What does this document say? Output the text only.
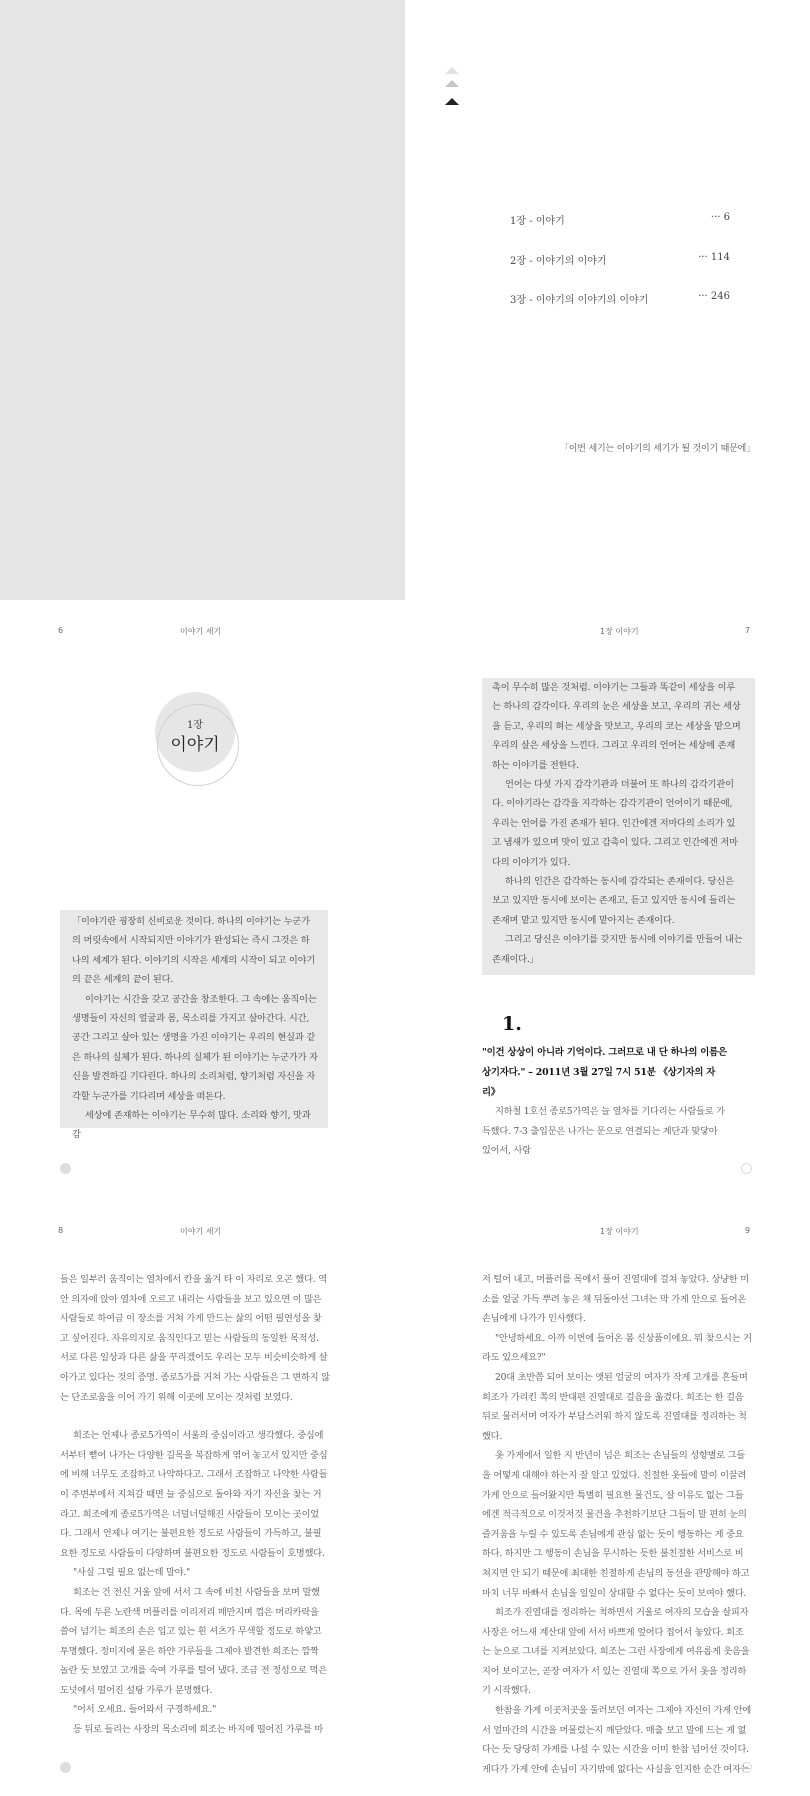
1장 - 이야기	··· 6
2장 - 이야기의 이야기	··· 114
3장 - 이야기의 이야기의 이야기	··· 246
「이번 세기는 이야기의 세기가 될 것이기 때문에」
6	이야기 세기	1장 이야기	7
1장
이야기

「이야기란 굉장히 신비로운 것이다. 하나의 이야기는 누군가의 머릿속에서 시작되지만 이야기가 완성되는 즉시 그것은 하나의 세계가 된다. 이야기의 시작은 세계의 시작이 되고 이야기의 끝은 세계의 끝이 된다.

이야기는 시간을 갖고 공간을 창조한다. 그 속에는 움직이는 생명들이 자신의 얼굴과 몸, 목소리를 가지고 살아간다. 시간, 공간 그리고 살아 있는 생명을 가진 이야기는 우리의 현실과 같은 하나의 실체가 된다. 하나의 실체가 된 이야기는 누군가가 자신을 발견하길 기다린다. 하나의 소리처럼, 향기처럼 자신을 자각할 누군가를 기다리며 세상을 떠돈다.

세상에 존재하는 이야기는 무수히 많다. 소리와 향기, 맛과 감

촉이 무수히 많은 것처럼. 이야기는 그들과 똑같이 세상을 이루는 하나의 감각이다. 우리의 눈은 세상을 보고, 우리의 귀는 세상을 듣고, 우리의 혀는 세상을 맛보고, 우리의 코는 세상을 맡으며 우리의 살은 세상을 느낀다. 그리고 우리의 언어는 세상에 존재하는 이야기를 전한다.

언어는 다섯 가지 감각기관과 더불어 또 하나의 감각기관이다. 이야기라는 감각을 지각하는 감각기관이 언어이기 때문에, 우리는 언어를 가진 존재가 된다. 인간에겐 저마다의 소리가 있고 냄새가 있으며 맛이 있고 감촉이 있다. 그리고 인간에겐 저마다의 이야기가 있다.

하나의 인간은 감각하는 동시에 감각되는 존재이다. 당신은 보고 있지만 동시에 보이는 존재고, 듣고 있지만 동시에 들리는 존재며 맡고 있지만 동시에 맡아지는 존재이다.

그리고 당신은 이야기를 갖지만 동시에 이야기를 만들어 내는 존재이다.」

1.
"이건 상상이 아니라 기억이다. 그러므로 내 단 하나의 이름은 상기자다." – 2011년 3월 27일 7시 51분 《상기자의 자리》

지하철 1호선 종로5가역은 늘 열차를 기다리는 사람들로 가득했다. 7-3 출입문은 나가는 문으로 연결되는 계단과 맞닿아 있어서, 사람

8	이야기 세기	1장 이야기	9

들은 일부러 움직이는 열차에서 칸을 옮겨 타 이 자리로 오곤 했다. 역 안 의자에 앉아 열차에 오르고 내리는 사람들을 보고 있으면 이 많은 사람들로 하여금 이 장소를 거쳐 가게 만드는 삶의 어떤 필연성을 찾고 싶어진다. 자유의지로 움직인다고 믿는 사람들의 동일한 목적성. 서로 다른 일상과 다른 삶을 꾸리겠어도 우리는 모두 비슷비슷하게 살아가고 있다는 것의 증명. 종로5가를 거쳐 가는 사람들은 그 변하지 않는 단조로움을 이어 가기 위해 이곳에 모이는 것처럼 보였다.

희조는 언제나 종로5가역이 서울의 중심이라고 생각했다. 중심에서부터 뻗어 나가는 다양한 길목을 복잡하게 엮어 놓고서 있지만 중심에 비해 너무도 조잡하고 나약하다고. 그래서 조잡하고 나약한 사람들이 주변부에서 지쳐갈 때면 늘 중심으로 돌아와 자기 자신을 찾는 거라고. 희조에게 종로5가역은 너덜너덜해진 사람들이 모이는 곳이었다. 그래서 언제나 여기는 불편요한 정도로 사람들이 가득하고, 불필요한 정도로 사람들이 다양하며 불편요한 정도로 사람들이 호명했다.

"사실 그럴 필요 없는데 말야."

희조는 건 전신 거울 앞에 서서 그 속에 비친 사람들을 보며 말했다. 목에 두른 노란색 머플러를 이리저리 매만지며 껍은 머리카락을 쓸어 넘기는 희조의 손은 입고 있는 흰 셔츠가 무색할 정도로 하얗고 투명했다. 정미지에 묻은 하얀 가루들을 그제야 발견한 희조는 깜짝 놀란 듯 보였고 고개를 숙여 가루를 털어 냈다. 조금 전 정성으로 먹은 도넛에서 떨어진 설탕 가루가 분명했다.

"어서 오세요. 들어와서 구경하세요."

등 뒤로 들리는 사장의 목소리에 희조는 바지에 떨어진 가루를 마

저 털어 내고, 머플러를 목에서 풀어 진열대에 걸쳐 놓았다. 상냥한 미소를 얼굴 가득 뿌려 놓은 채 뒤돌아선 그녀는 막 가게 안으로 들어온 손님에게 나가가 인사했다.

"안녕하세요. 아까 이번에 들어온 봄 신상품이에요. 뭐 찾으시는 거라도 있으세요?"

20대 초반쯤 되어 보이는 앳된 얼굴의 여자가 작게 고개를 흔들며 희조가 가리킨 쪽의 반대편 진열대로 걸음을 옮겼다. 희조는 한 걸음 뒤로 물러서며 여자가 부담스러워 하지 않도록 진열대를 정리하는 척했다.

옷 가게에서 일한 지 반년이 넘은 희조는 손님들의 성향별로 그들을 어떻게 대해야 하는지 잘 알고 있었다. 친절한 옷들에 말이 이끌려 가게 안으로 들어왔지만 특별히 필요한 물건도, 살 이유도 없는 그들에겐 적극적으로 이것저것 물건을 추천하기보단 그들이 말 편히 눈의 즐거움을 누릴 수 있도록 손님에게 관심 없는 듯이 행동하는 게 중요하다. 하지만 그 행동이 손님을 무시하는 듯한 불친절한 서비스로 비쳐지면 안 되기 때문에 최대한 친절하게 손님의 동선을 관망해야 하고 마치 너무 바빠서 손님을 일일이 상대할 수 없다는 듯이 보여야 했다.

희조가 진열대를 정리하는 척하면서 거울로 여자의 모습을 살피자 사장은 어느새 계산대 앞에 서서 바쁘게 엎어다 접어서 놓았다. 희조는 눈으로 그녀를 지켜보았다. 희조는 그런 사장에게 여유롭게 웃음을 지어 보이고는, 곧장 여자가 서 있는 진열대 쪽으로 가서 옷을 정리하기 시작했다.

한참을 가게 이곳저곳을 둘러보던 여자는 그제야 자신이 가게 안에서 얼마간의 시간을 머물렀는지 깨닫았다. 매출 보고 말에 드는 게 없다는 듯 당당히 가게를 나설 수 있는 시간을 이미 한참 넘어선 것이다. 게다가 가게 안에 손님이 자기밖에 없다는 사실을 인지한 순간 여자는
